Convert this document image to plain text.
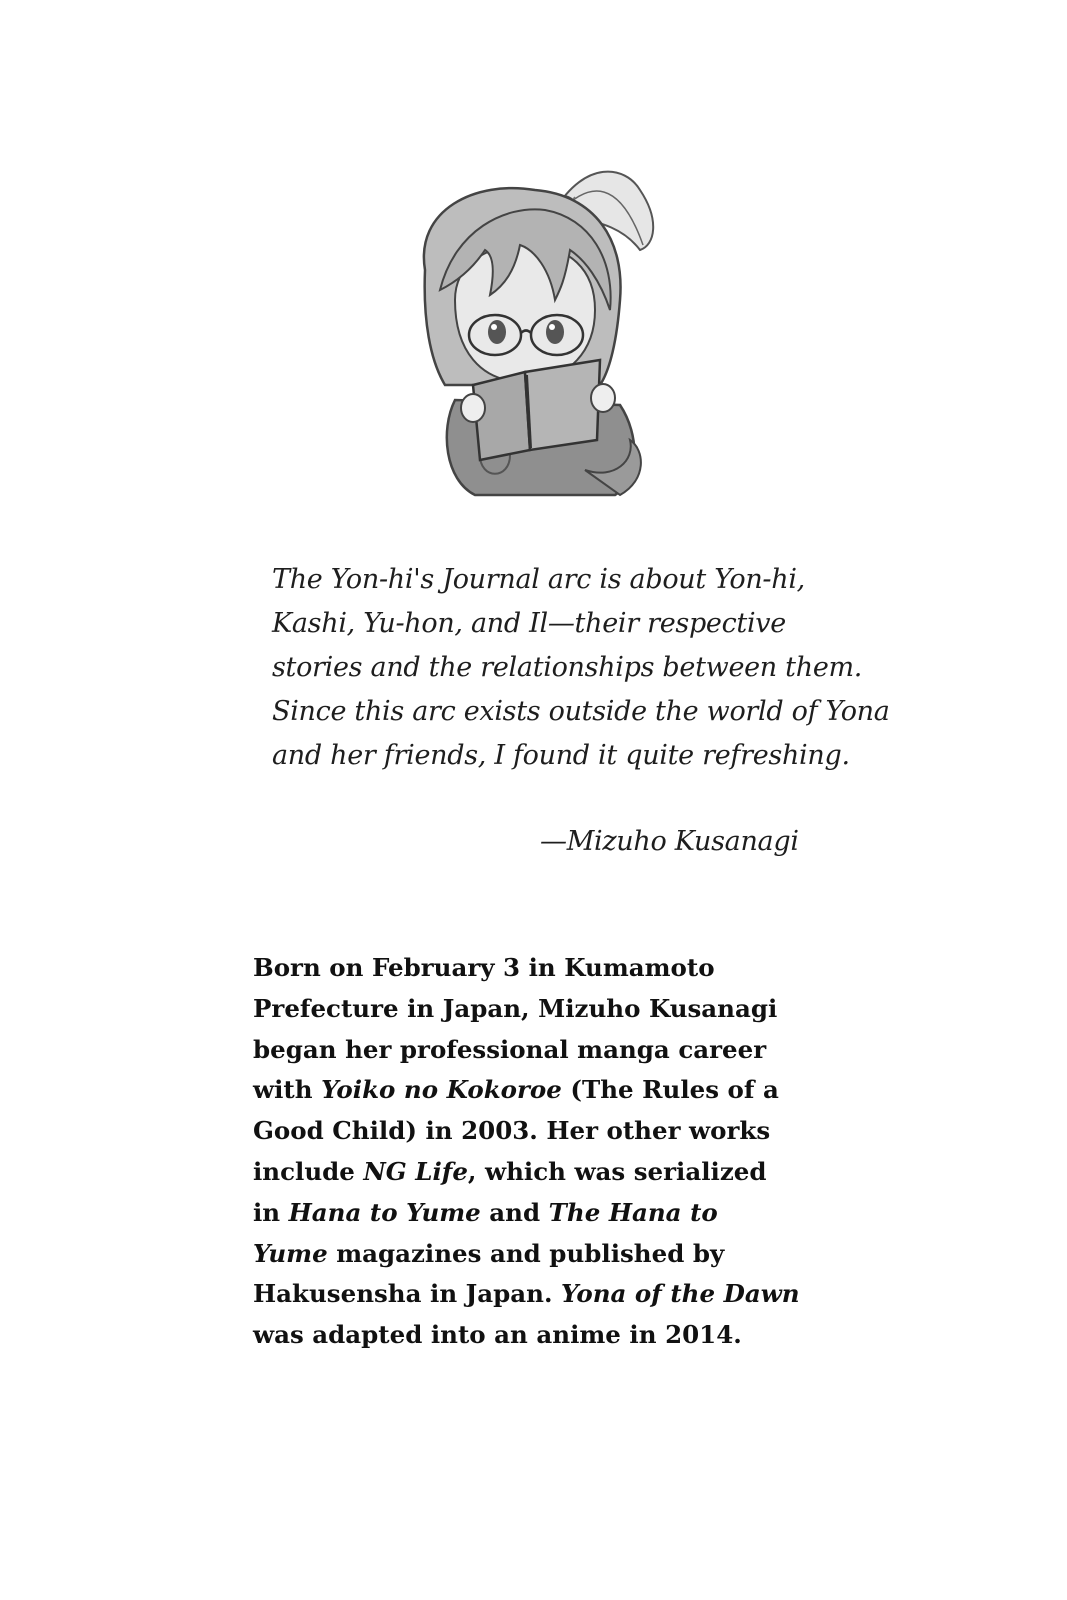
The Yon-hi's Journal arc is about Yon-hi,
Kashi, Yu-hon, and Il—their respective
stories and the relationships between them.
Since this arc exists outside the world of Yona
and her friends, I found it quite refreshing.
—Mizuho Kusanagi
Born on February 3 in Kumamoto
Prefecture in Japan, Mizuho Kusanagi
began her professional manga career
with Yoiko no Kokoroe (The Rules of a
Good Child) in 2003. Her other works
include NG Life, which was serialized
in Hana to Yume and The Hana to
Yume magazines and published by
Hakusensha in Japan. Yona of the Dawn
was adapted into an anime in 2014.
